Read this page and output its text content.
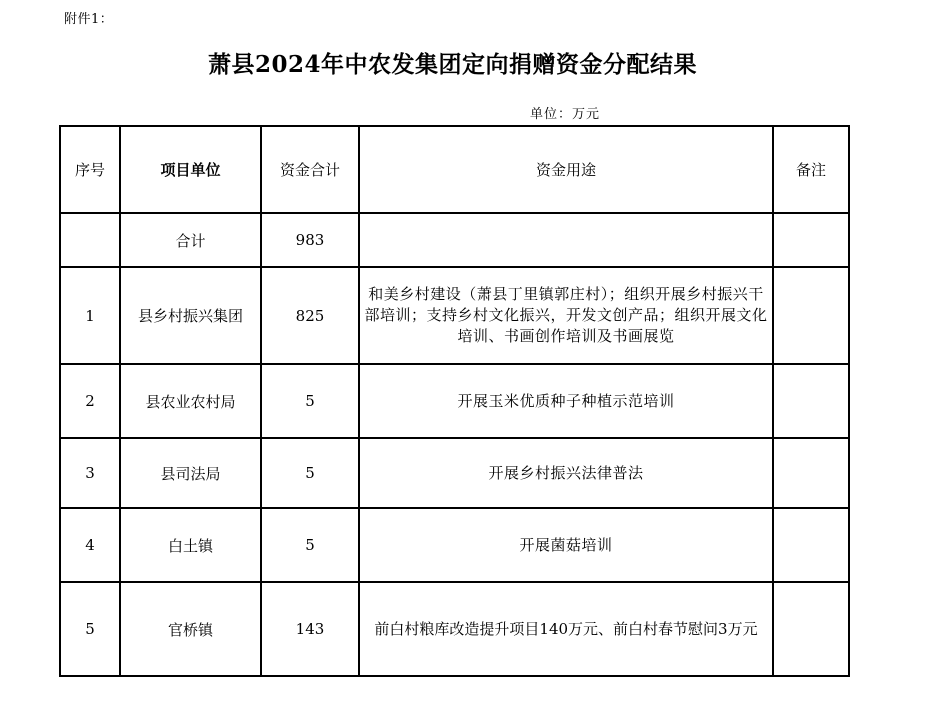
附件1：
萧县2024年中农发集团定向捐赠资金分配结果
单位：万元
序号	项目单位	资金合计	资金用途	备注
	合计	983		
1	县乡村振兴集团	825	和美乡村建设（萧县丁里镇郭庄村）；组织开展乡村振兴干部培训；支持乡村文化振兴，开发文创产品；组织开展文化培训、书画创作培训及书画展览	
2	县农业农村局	5	开展玉米优质种子种植示范培训	
3	县司法局	5	开展乡村振兴法律普法	
4	白土镇	5	开展菌菇培训	
5	官桥镇	143	前白村粮库改造提升项目140万元、前白村春节慰问3万元	
